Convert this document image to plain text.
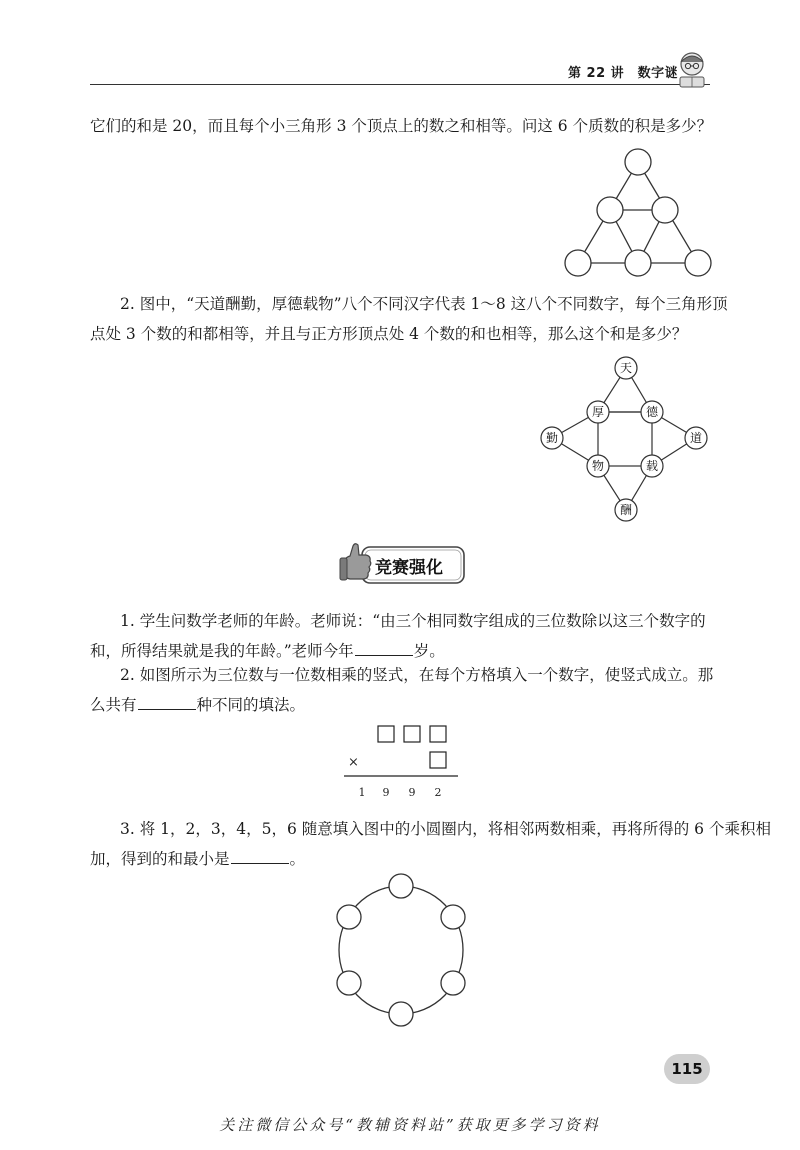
第 22 讲　数字谜
它们的和是 20，而且每个小三角形 3 个顶点上的数之和相等。问这 6 个质数的积是多少？
2. 图中，“天道酬勤，厚德载物”八个不同汉字代表 1～8 这八个不同数字，每个三角形顶
点处 3 个数的和都相等，并且与正方形顶点处 4 个数的和也相等，那么这个和是多少？
天
厚	德
勤	道
物	载
酬
竞赛强化
1. 学生问数学老师的年龄。老师说：“由三个相同数字组成的三位数除以这三个数字的
和，所得结果就是我的年龄。”老师今年	岁。
2. 如图所示为三位数与一位数相乘的竖式，在每个方格填入一个数字，使竖式成立。那
么共有	种不同的填法。
×
1 9 9 2
3. 将 1，2，3，4，5，6 随意填入图中的小圆圈内，将相邻两数相乘，再将所得的 6 个乘积相
加，得到的和最小是	。
115
关注微信公众号“教辅资料站”获取更多学习资料
